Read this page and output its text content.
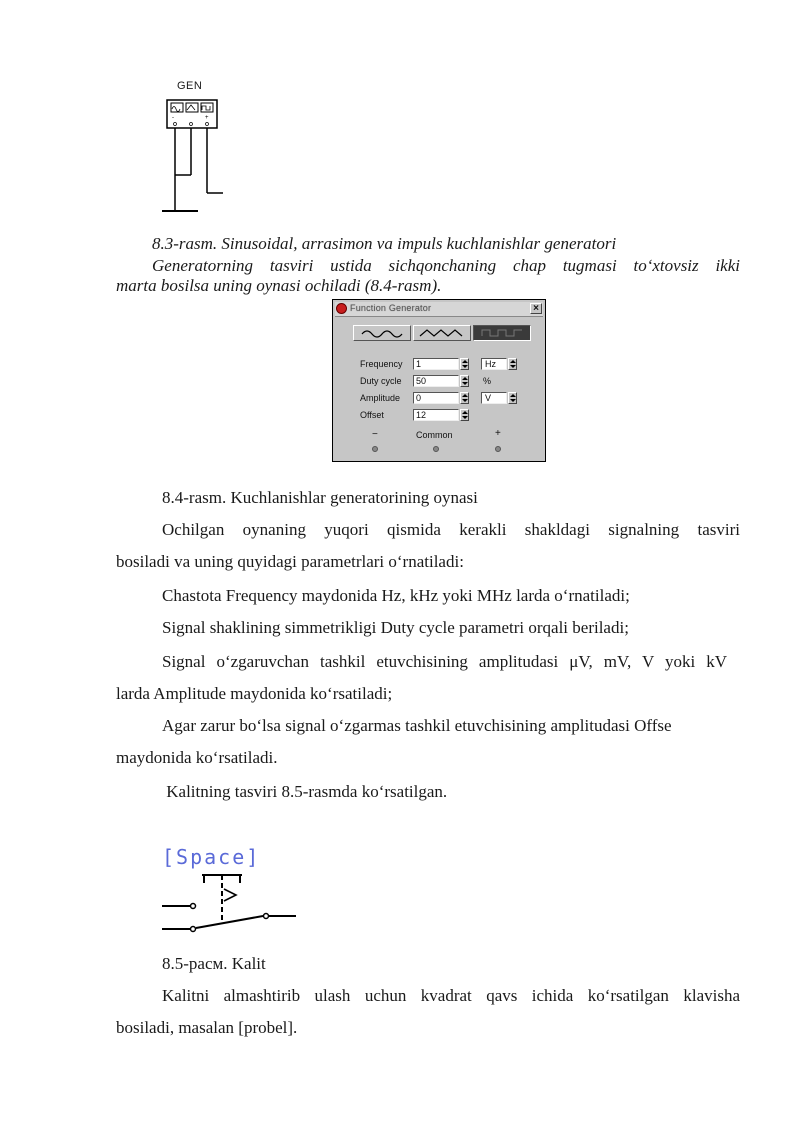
GEN
-	+
8.3-rasm. Sinusoidal, arrasimon va impuls kuchlanishlar generatori
Generatorning tasviri ustida sichqonchaning chap tugmasi to‘xtovsiz ikki
marta bosilsa uning oynasi ochiladi (8.4-rasm).
Function Generator	×
Frequency	1	Hz
Duty cycle	50	%
Amplitude	0	V
Offset	12
−	Common	+
8.4-rasm. Kuchlanishlar generatorining oynasi
Ochilgan oynaning yuqori qismida kerakli shakldagi signalning tasviri
bosiladi va uning quyidagi parametrlari o‘rnatiladi:
Chastota Frequency maydonida Hz, kHz yoki MHz larda o‘rnatiladi;
Signal shaklining simmetrikligi Duty cycle parametri orqali beriladi;
Signal o‘zgaruvchan tashkil etuvchisining amplitudasi μV, mV, V yoki kV
larda Amplitude maydonida ko‘rsatiladi;
Agar zarur bo‘lsa signal o‘zgarmas tashkil etuvchisining amplitudasi Offse
maydonida ko‘rsatiladi.
Kalitning tasviri 8.5-rasmda ko‘rsatilgan.
[Space]
8.5-расм. Kalit
Kalitni almashtirib ulash uchun kvadrat qavs ichida ko‘rsatilgan klavisha
bosiladi, masalan [probel].
